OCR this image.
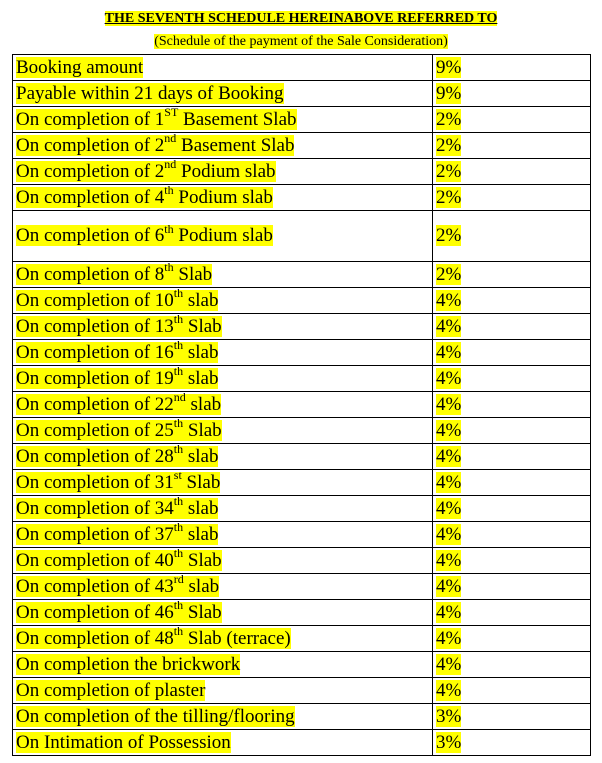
THE SEVENTH SCHEDULE HEREINABOVE REFERRED TO
(Schedule of the payment of the Sale Consideration)
Booking amount	9%
Payable within 21 days of Booking	9%
On completion of 1ST Basement Slab	2%
On completion of 2nd Basement Slab	2%
On completion of 2nd Podium slab	2%
On completion of 4th Podium slab	2%
On completion of 6th Podium slab	2%
On completion of 8th Slab	2%
On completion of 10th slab	4%
On completion of 13th Slab	4%
On completion of 16th slab	4%
On completion of 19th slab	4%
On completion of 22nd slab	4%
On completion of 25th Slab	4%
On completion of 28th slab	4%
On completion of 31st Slab	4%
On completion of 34th slab	4%
On completion of 37th slab	4%
On completion of 40th Slab	4%
On completion of 43rd slab	4%
On completion of 46th Slab	4%
On completion of 48th Slab (terrace)	4%
On completion the brickwork	4%
On completion of plaster	4%
On completion of the tilling/flooring	3%
On Intimation of Possession	3%
